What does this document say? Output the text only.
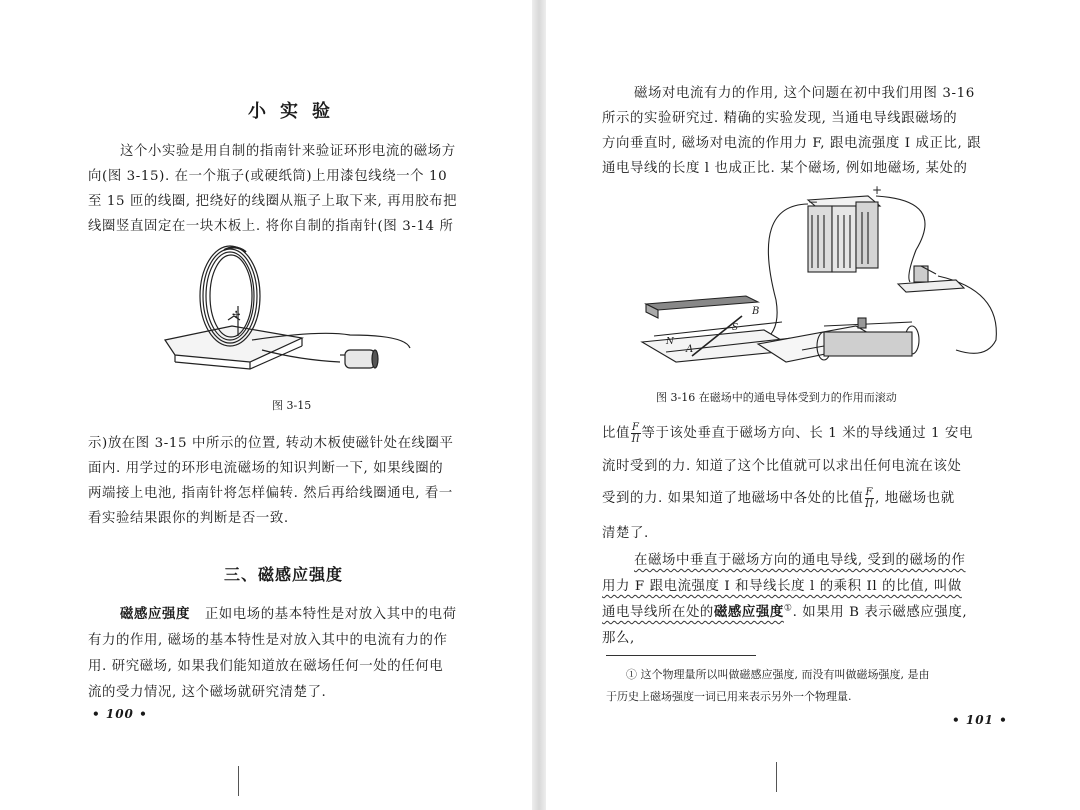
小实验
这个小实验是用自制的指南针来验证环形电流的磁场方
向(图 3-15). 在一个瓶子(或硬纸筒)上用漆包线绕一个 10
至 15 匝的线圈, 把绕好的线圈从瓶子上取下来, 再用胶布把
线圈竖直固定在一块木板上. 将你自制的指南针(图 3-14 所
✢
图 3-15
示)放在图 3-15 中所示的位置, 转动木板使磁针处在线圈平
面内. 用学过的环形电流磁场的知识判断一下, 如果线圈的
两端接上电池, 指南针将怎样偏转. 然后再给线圈通电, 看一
看实验结果跟你的判断是否一致.
三、磁感应强度
磁感应强度 正如电场的基本特性是对放入其中的电荷
有力的作用, 磁场的基本特性是对放入其中的电流有力的作
用. 研究磁场, 如果我们能知道放在磁场任何一处的任何电
流的受力情况, 这个磁场就研究清楚了.
• 100 •
磁场对电流有力的作用, 这个问题在初中我们用图 3-16
所示的实验研究过. 精确的实验发现, 当通电导线跟磁场的
方向垂直时, 磁场对电流的作用力 F, 跟电流强度 I 成正比, 跟
通电导线的长度 l 也成正比. 某个磁场, 例如地磁场, 某处的
−
+
A
B
S
N
图 3-16 在磁场中的通电导体受到力的作用而滚动
比值 $\frac{F}{Il}$ 等于该处垂直于磁场方向、长 1 米的导线通过 1 安电
流时受到的力. 知道了这个比值就可以求出任何电流在该处
受到的力. 如果知道了地磁场中各处的比值 $\frac{F}{Il}$ , 地磁场也就
清楚了.
在磁场中垂直于磁场方向的通电导线, 受到的磁场的作
用力 F 跟电流强度 I 和导线长度 l 的乘积 Il 的比值, 叫做
通电导线所在处的磁感应强度①. 如果用 B 表示磁感应强度,
那么,
① 这个物理量所以叫做磁感应强度, 而没有叫做磁场强度, 是由
于历史上磁场强度一词已用来表示另外一个物理量.
• 101 •
